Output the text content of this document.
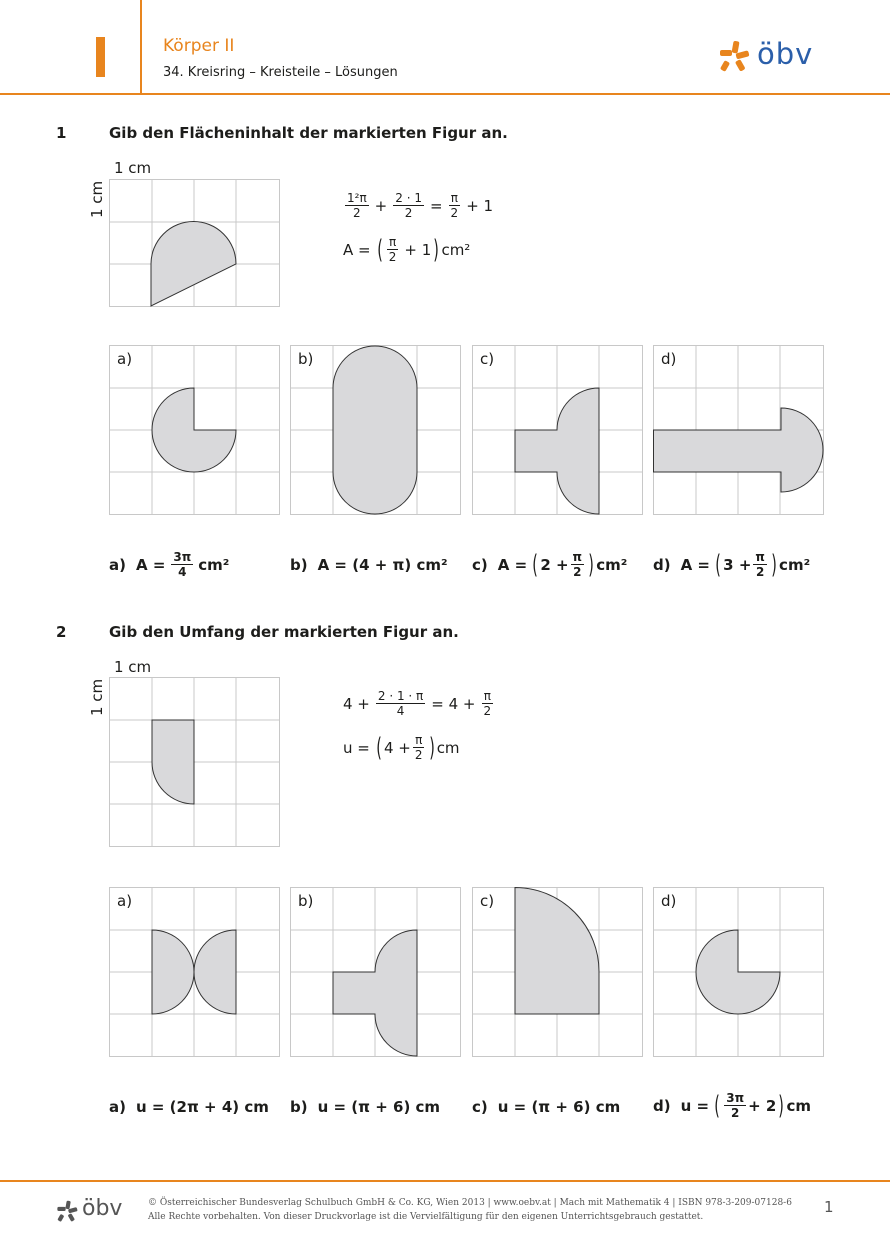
Körper II
34. Kreisring – Kreisteile – Lösungen
öbv
1	Gib den Flächeninhalt der markierten Figur an.
1 cm
1 cm	$\frac{\text{1²π}}{2} + \frac{2 \cdot 1}{2} = \frac{\pi}{2} + 1$
A = ( $\frac{\pi}{2} + 1$ ) cm²
a)	b)	c)	d)
a) $A = \frac{3\pi}{4} cm^2$	b) A = (4 + π) cm² c) A = ( $2 + \frac{\pi}{2}$ ) cm² d) A = ( $3 + \frac{\pi}{2}$ ) cm²
2	Gib den Umfang der markierten Figur an.
1 cm
1 cm	$4 + \frac{2 \cdot 1 \cdot \pi}{4} = 4 + \frac{\pi}{2}$
u = ( $4 + \frac{\pi}{2}$ ) cm
a)	b)	c)	d)
a) u = (2π + 4) cm b) u = (π + 6) cm c) u = (π + 6) cm d) u = ( $\frac{3\pi}{2} + 2$ ) cm
öbv	© Österreichischer Bundesverlag Schulbuch GmbH & Co. KG, Wien 2013 | www.oebv.at | Mach mit Mathematik 4 | ISBN 978-3-209-07128-6
Alle Rechte vorbehalten. Von dieser Druckvorlage ist die Vervielfältigung für den eigenen Unterrichtsgebrauch gestattet.
1
